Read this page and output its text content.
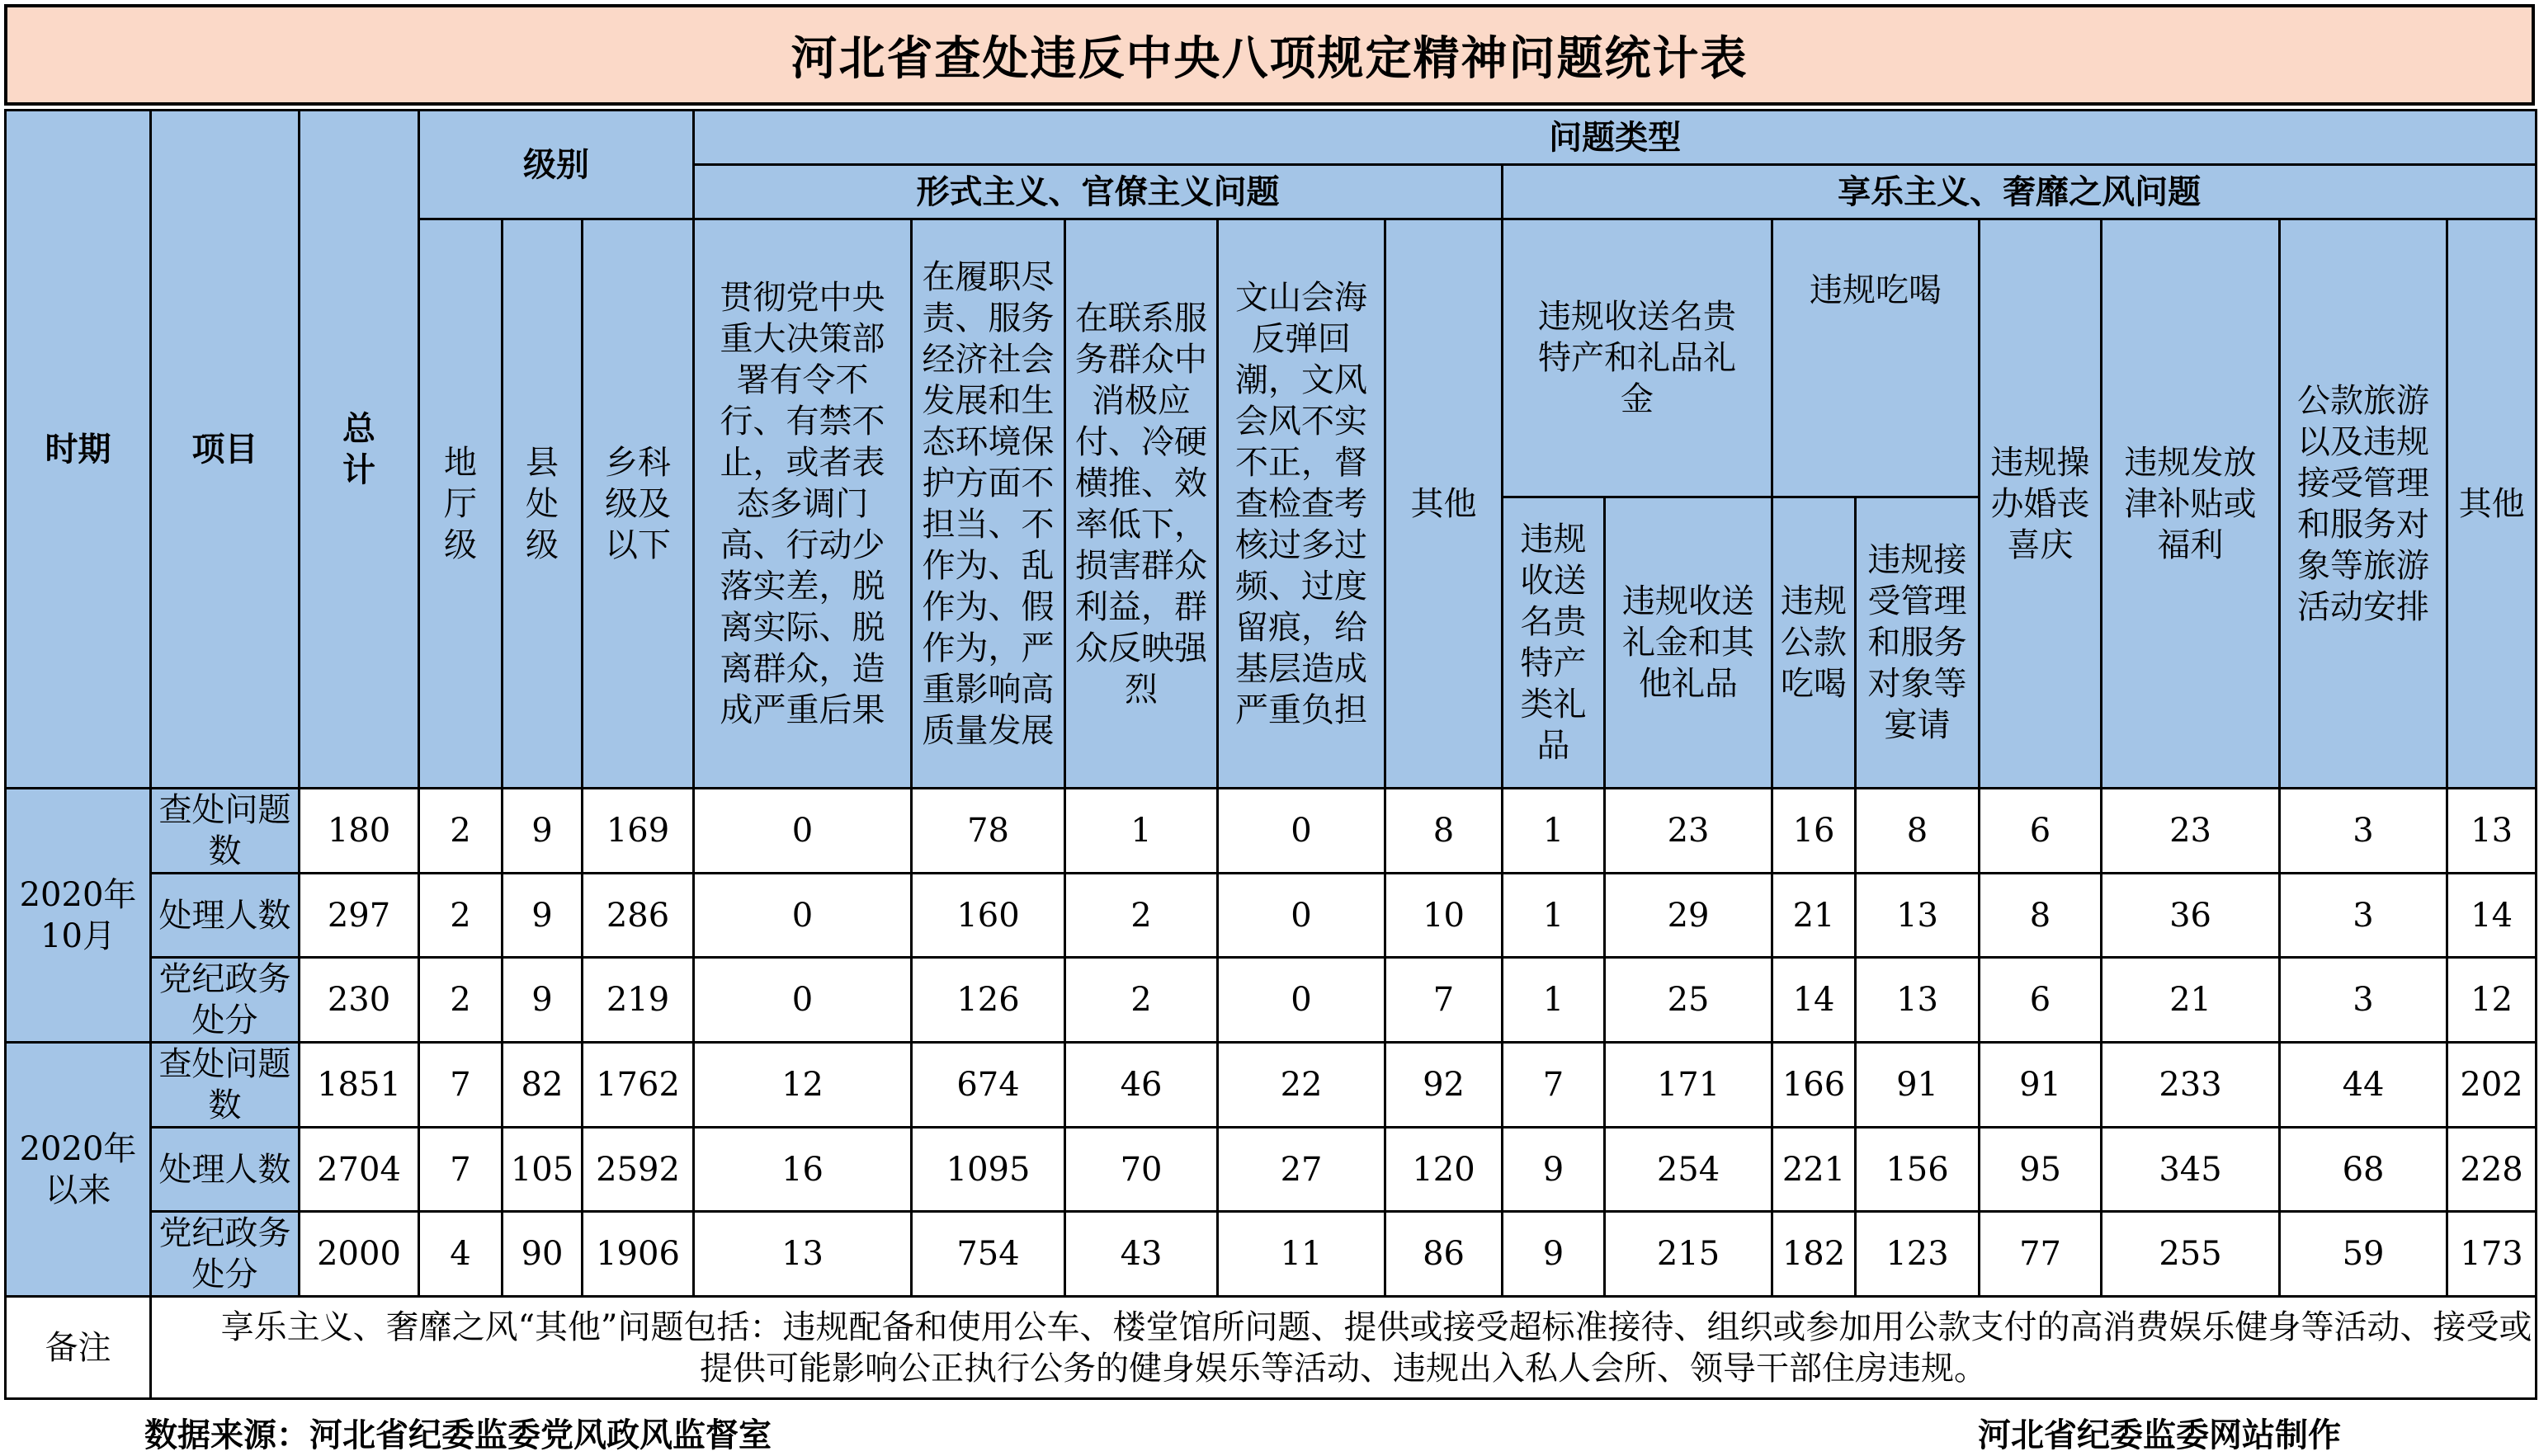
河北省查处违反中央八项规定精神问题统计表
时期	项目	总计	级别			问题类型												
						形式主义、官僚主义问题					享乐主义、奢靡之风问题							

			地厅级	县处级	乡科级及以下	贯彻党中央重大决策部署有令不行、有禁不止，或者表态多调门高、行动少落实差，脱离实际、脱离群众，造成严重后果	在履职尽责、服务经济社会发展和生态环境保护方面不担当、不作为、乱作为、假作为，严重影响高质量发展	在联系服务群众中消极应付、冷硬横推、效率低下，损害群众利益，群众反映强烈	文山会海反弹回潮，文风会风不实不正，督查检查考核过多过频、过度留痕，给基层造成严重负担	其他	违规收送名贵特产和礼品礼金		违规吃喝		违规操办婚丧喜庆	违规发放津补贴或福利	公款旅游以及违规接受管理和服务对象等旅游活动安排	其他

											违规收送名贵特产类礼品	违规收送礼金和其他礼品	违规公款吃喝	违规接受管理和服务对象等宴请				

2020年10月	查处问题数	180	2	9	169	0	78	1	0	8	1	23	16	8	6	23	3	13
	处理人数	297	2	9	286	0	160	2	0	10	1	29	21	13	8	36	3	14
	党纪政务处分	230	2	9	219	0	126	2	0	7	1	25	14	13	6	21	3	12
2020年以来	查处问题数	1851	7	82	1762	12	674	46	22	92	7	171	166	91	91	233	44	202
	处理人数	2704	7	105	2592	16	1095	70	27	120	9	254	221	156	95	345	68	228
	党纪政务处分	2000	4	90	1906	13	754	43	11	86	9	215	182	123	77	255	59	173
备注	享乐主义、奢靡之风“其他”问题包括：违规配备和使用公车、楼堂馆所问题、提供或接受超标准接待、组织或参加用公款支付的高消费娱乐健身等活动、接受或提供可能影响公正执行公务的健身娱乐等活动、违规出入私人会所、领导干部住房违规。																	
数据来源：河北省纪委监委党风政风监督室	河北省纪委监委网站制作
